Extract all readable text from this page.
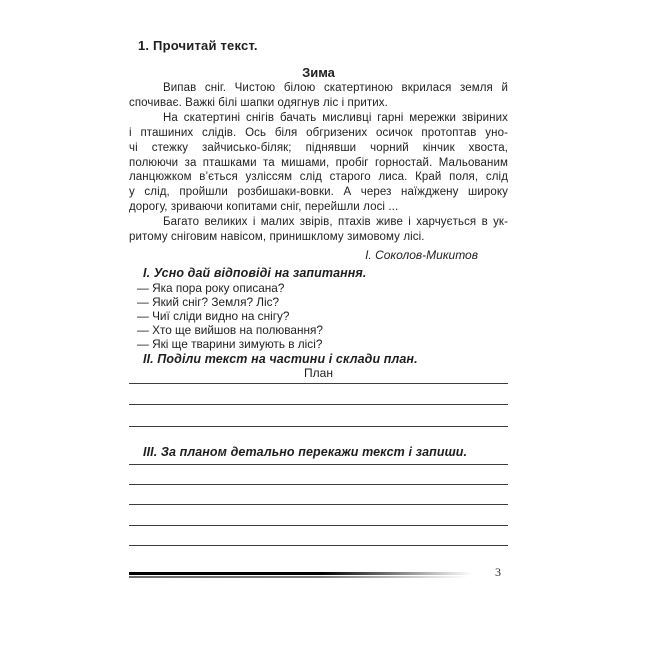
1. Прочитай текст.
Зима
Випав сніг. Чистою білою скатертиною вкрилася земля й
спочиває. Важкі білі шапки одягнув ліс і притих.
На скатертині снігів бачать мисливці гарні мережки звіриних
і пташиних слідів. Ось біля обгризених осичок протоптав уно-
чі стежку зайчисько-біляк; піднявши чорний кінчик хвоста,
полюючи за пташками та мишами, пробіг горностай. Мальованим
ланцюжком в’ється узліссям слід старого лиса. Край поля, слід
у слід, пройшли розбишаки-вовки. А через наїжджену широку
дорогу, зриваючи копитами сніг, перейшли лосі ...
Багато великих і малих звірів, птахів живе і харчується в ук-
ритому сніговим навісом, принишклому зимовому лісі.
І. Соколов-Микитов
І. Усно дай відповіді на запитання.
— Яка пора року описана?
— Який сніг? Земля? Ліс?
— Чиї сліди видно на снігу?
— Хто ще вийшов на полювання?
— Які ще тварини зимують в лісі?
ІІ. Поділи текст на частини і склади план.
План
ІІІ. За планом детально перекажи текст і запиши.
3
